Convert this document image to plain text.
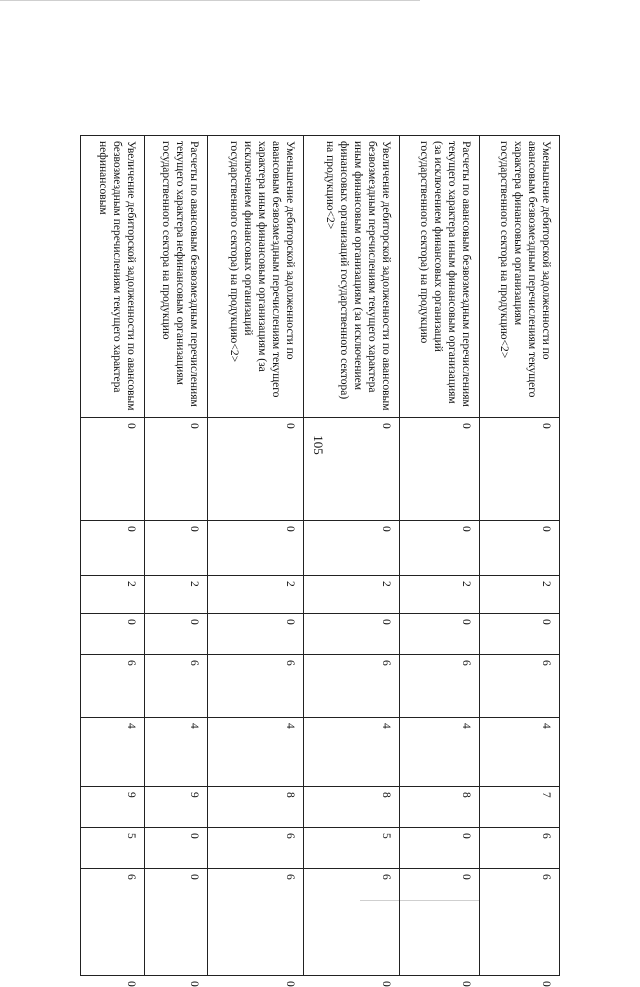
105
Уменьшение дебиторской задолженности по авансовым безвозмездным перечислениям текущего характера финансовым организациям государственного сектора на продукцию<2>	0	0	2	0	6	4	7	6	6	0
Расчеты по авансовым безвозмездным перечислениям текущего характера иным финансовым организациям (за исключением финансовых организаций государственного сектора) на продукцию	0	0	2	0	6	4	8	0	0	0
Увеличение дебиторской задолженности по авансовым безвозмездным перечислениям текущего характера иным финансовым организациям (за исключением финансовых организаций государственного сектора) на продукцию<2>	0	0	2	0	6	4	8	5	6	0
Уменьшение дебиторской задолженности по авансовым безвозмездным перечислениям текущего характера иным финансовым организациям (за исключением финансовых организаций государственного сектора) на продукцию<2>	0	0	2	0	6	4	8	6	6	0
Расчеты по авансовым безвозмездным перечислениям текущего характера нефинансовым организациям государственного сектора на продукцию	0	0	2	0	6	4	9	0	0	0
Увеличение дебиторской задолженности по авансовым безвозмездным перечислениям текущего характера нефинансовым	0	0	2	0	6	4	9	5	6	0
